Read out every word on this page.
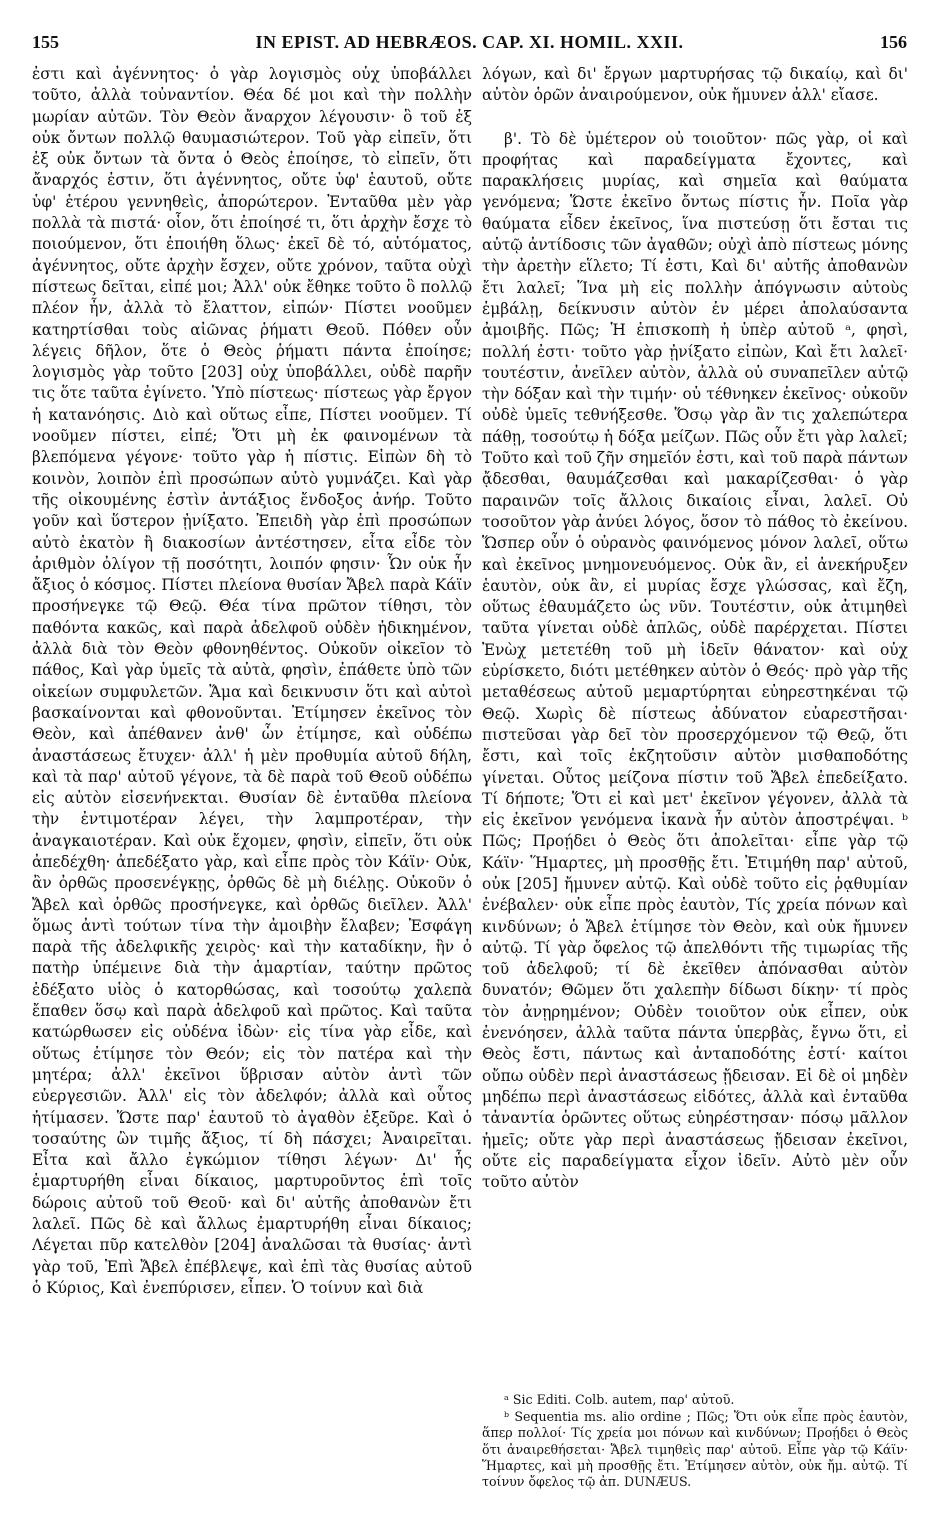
155	IN EPIST. AD HEBRÆOS. CAP. XI. HOMIL. XXII.	156

ἐστι καὶ ἀγέννητος· ὁ γὰρ λογισμὸς οὐχ ὑποβάλλει τοῦτο, ἀλλὰ τοὐναντίον. Θέα δέ μοι καὶ τὴν πολλὴν μωρίαν αὐτῶν. Τὸν Θεὸν ἄναρχον λέγουσιν· ὃ τοῦ ἐξ οὐκ ὄντων πολλῷ θαυμασιώτερον. Τοῦ γὰρ εἰπεῖν, ὅτι ἐξ οὐκ ὄντων τὰ ὄντα ὁ Θεὸς ἐποίησε, τὸ εἰπεῖν, ὅτι ἄναρχός ἐστιν, ὅτι ἀγέννητος, οὔτε ὑφ' ἑαυτοῦ, οὔτε ὑφ' ἑτέρου γεννηθεὶς, ἀπορώτερον. Ἐνταῦθα μὲν γὰρ πολλὰ τὰ πιστά· οἷον, ὅτι ἐποίησέ τι, ὅτι ἀρχὴν ἔσχε τὸ ποιούμενον, ὅτι ἐποιήθη ὅλως· ἐκεῖ δὲ τό, αὐτόματος, ἀγέννητος, οὔτε ἀρχὴν ἔσχεν, οὔτε χρόνον, ταῦτα οὐχὶ πίστεως δεῖται, εἰπέ μοι; Ἀλλ' οὐκ ἔθηκε τοῦτο ὃ πολλῷ πλέον ἦν, ἀλλὰ τὸ ἔλαττον, εἰπών· Πίστει νοοῦμεν κατηρτίσθαι τοὺς αἰῶνας ῥήματι Θεοῦ. Πόθεν οὖν λέγεις δῆλον, ὅτε ὁ Θεὸς ῥήματι πάντα ἐποίησε; λογισμὸς γὰρ τοῦτο [203] οὐχ ὑποβάλλει, οὐδὲ παρῆν τις ὅτε ταῦτα ἐγίνετο. Ὑπὸ πίστεως· πίστεως γὰρ ἔργον ἡ κατανόησις. Διὸ καὶ οὕτως εἶπε, Πίστει νοοῦμεν. Τί νοοῦμεν πίστει, εἰπέ; Ὅτι μὴ ἐκ φαινομένων τὰ βλεπόμενα γέγονε· τοῦτο γὰρ ἡ πίστις. Εἰπὼν δὴ τὸ κοινὸν, λοιπὸν ἐπὶ προσώπων αὐτὸ γυμνάζει. Καὶ γὰρ τῆς οἰκουμένης ἐστὶν ἀντάξιος ἔνδοξος ἀνήρ. Τοῦτο γοῦν καὶ ὕστερον ᾐνίξατο. Ἐπειδὴ γὰρ ἐπὶ προσώπων αὐτὸ ἑκατὸν ἢ διακοσίων ἀντέστησεν, εἶτα εἶδε τὸν ἀριθμὸν ὀλίγον τῇ ποσότητι, λοιπόν φησιν· Ὧν οὐκ ἦν ἄξιος ὁ κόσμος. Πίστει πλείονα θυσίαν Ἄβελ παρὰ Κάϊν προσήνεγκε τῷ Θεῷ. Θέα τίνα πρῶτον τίθησι, τὸν παθόντα κακῶς, καὶ παρὰ ἀδελφοῦ οὐδὲν ἠδικημένον, ἀλλὰ διὰ τὸν Θεὸν φθονηθέντος. Οὐκοῦν οἰκεῖον τὸ πάθος, Καὶ γὰρ ὑμεῖς τὰ αὐτὰ, φησὶν, ἐπάθετε ὑπὸ τῶν οἰκείων συμφυλετῶν. Ἅμα καὶ δεικνυσιν ὅτι καὶ αὐτοὶ βασκαίνονται καὶ φθονοῦνται. Ἐτίμησεν ἐκεῖνος τὸν Θεὸν, καὶ ἀπέθανεν ἀνθ' ὧν ἐτίμησε, καὶ οὐδέπω ἀναστάσεως ἔτυχεν· ἀλλ' ἡ μὲν προθυμία αὐτοῦ δήλη, καὶ τὰ παρ' αὐτοῦ γέγονε, τὰ δὲ παρὰ τοῦ Θεοῦ οὐδέπω εἰς αὐτὸν εἰσενήνεκται. Θυσίαν δὲ ἐνταῦθα πλείονα τὴν ἐντιμοτέραν λέγει, τὴν λαμπροτέραν, τὴν ἀναγκαιοτέραν. Καὶ οὐκ ἔχομεν, φησὶν, εἰπεῖν, ὅτι οὐκ ἀπεδέχθη· ἀπεδέξατο γὰρ, καὶ εἶπε πρὸς τὸν Κάϊν· Οὐκ, ἂν ὀρθῶς προσενέγκῃς, ὀρθῶς δὲ μὴ διέλῃς. Οὐκοῦν ὁ Ἄβελ καὶ ὀρθῶς προσήνεγκε, καὶ ὀρθῶς διεῖλεν. Ἀλλ' ὅμως ἀντὶ τούτων τίνα τὴν ἀμοιβὴν ἔλαβεν; Ἐσφάγη παρὰ τῆς ἀδελφικῆς χειρὸς· καὶ τὴν καταδίκην, ἣν ὁ πατὴρ ὑπέμεινε διὰ τὴν ἁμαρτίαν, ταύτην πρῶτος ἐδέξατο υἱὸς ὁ κατορθώσας, καὶ τοσούτῳ χαλεπὰ ἔπαθεν ὅσῳ καὶ παρὰ ἀδελφοῦ καὶ πρῶτος. Καὶ ταῦτα κατώρθωσεν εἰς οὐδένα ἰδὼν· εἰς τίνα γὰρ εἶδε, καὶ οὕτως ἐτίμησε τὸν Θεόν; εἰς τὸν πατέρα καὶ τὴν μητέρα; ἀλλ' ἐκεῖνοι ὕβρισαν αὐτὸν ἀντὶ τῶν εὐεργεσιῶν. Ἀλλ' εἰς τὸν ἀδελφόν; ἀλλὰ καὶ οὗτος ἠτίμασεν. Ὥστε παρ' ἑαυτοῦ τὸ ἀγαθὸν ἐξεῦρε. Καὶ ὁ τοσαύτης ὢν τιμῆς ἄξιος, τί δὴ πάσχει; Ἀναιρεῖται. Εἶτα καὶ ἄλλο ἐγκώμιον τίθησι λέγων· Δι' ἧς ἐμαρτυρήθη εἶναι δίκαιος, μαρτυροῦντος ἐπὶ τοῖς δώροις αὐτοῦ τοῦ Θεοῦ· καὶ δι' αὐτῆς ἀποθανὼν ἔτι λαλεῖ. Πῶς δὲ καὶ ἄλλως ἐμαρτυρήθη εἶναι δίκαιος; Λέγεται πῦρ κατελθὸν [204] ἀναλῶσαι τὰ θυσίας· ἀντὶ γὰρ τοῦ, Ἐπὶ Ἄβελ ἐπέβλεψε, καὶ ἐπὶ τὰς θυσίας αὐτοῦ ὁ Κύριος, Καὶ ἐνεπύρισεν, εἶπεν. Ὁ τοίνυν καὶ διὰ

λόγων, καὶ δι' ἔργων μαρτυρήσας τῷ δικαίῳ, καὶ δι' αὐτὸν ὁρῶν ἀναιρούμενον, οὐκ ἤμυνεν ἀλλ' εἴασε.

β'. Τὸ δὲ ὑμέτερον οὐ τοιοῦτον· πῶς γὰρ, οἱ καὶ προφήτας καὶ παραδείγματα ἔχοντες, καὶ παρακλήσεις μυρίας, καὶ σημεῖα καὶ θαύματα γενόμενα; Ὥστε ἐκεῖνο ὄντως πίστις ἦν. Ποῖα γὰρ θαύματα εἶδεν ἐκεῖνος, ἵνα πιστεύσῃ ὅτι ἔσται τις αὐτῷ ἀντίδοσις τῶν ἀγαθῶν; οὐχὶ ἀπὸ πίστεως μόνης τὴν ἀρετὴν εἵλετο; Τί ἐστι, Καὶ δι' αὐτῆς ἀποθανὼν ἔτι λαλεῖ; Ἵνα μὴ εἰς πολλὴν ἀπόγνωσιν αὐτοὺς ἐμβάλῃ, δείκνυσιν αὐτὸν ἐν μέρει ἀπολαύσαντα ἀμοιβῆς. Πῶς; Ἡ ἐπισκοπὴ ἡ ὑπὲρ αὐτοῦ ᵃ, φησὶ, πολλή ἐστι· τοῦτο γὰρ ᾐνίξατο εἰπὼν, Καὶ ἔτι λαλεῖ· τουτέστιν, ἀνεῖλεν αὐτὸν, ἀλλὰ οὐ συναπεῖλεν αὐτῷ τὴν δόξαν καὶ τὴν τιμήν· οὐ τέθνηκεν ἐκεῖνος· οὐκοῦν οὐδὲ ὑμεῖς τεθνήξεσθε. Ὅσῳ γὰρ ἂν τις χαλεπώτερα πάθῃ, τοσούτῳ ἡ δόξα μείζων. Πῶς οὖν ἔτι γὰρ λαλεῖ; Τοῦτο καὶ τοῦ ζῆν σημεῖόν ἐστι, καὶ τοῦ παρὰ πάντων ᾄδεσθαι, θαυμάζεσθαι καὶ μακαρίζεσθαι· ὁ γὰρ παραινῶν τοῖς ἄλλοις δικαίοις εἶναι, λαλεῖ. Οὐ τοσοῦτον γὰρ ἀνύει λόγος, ὅσον τὸ πάθος τὸ ἐκείνου. Ὥσπερ οὖν ὁ οὐρανὸς φαινόμενος μόνον λαλεῖ, οὕτω καὶ ἐκεῖνος μνημονευόμενος. Οὐκ ἂν, εἰ ἀνεκήρυξεν ἑαυτὸν, οὐκ ἂν, εἰ μυρίας ἔσχε γλώσσας, καὶ ἔζη, οὕτως ἐθαυμάζετο ὡς νῦν. Τουτέστιν, οὐκ ἀτιμηθεὶ ταῦτα γίνεται οὐδὲ ἁπλῶς, οὐδὲ παρέρχεται. Πίστει Ἐνὼχ μετετέθη τοῦ μὴ ἰδεῖν θάνατον· καὶ οὐχ εὑρίσκετο, διότι μετέθηκεν αὐτὸν ὁ Θεός· πρὸ γὰρ τῆς μεταθέσεως αὐτοῦ μεμαρτύρηται εὐηρεστηκέναι τῷ Θεῷ. Χωρὶς δὲ πίστεως ἀδύνατον εὐαρεστῆσαι· πιστεῦσαι γὰρ δεῖ τὸν προσερχόμενον τῷ Θεῷ, ὅτι ἔστι, καὶ τοῖς ἐκζητοῦσιν αὐτὸν μισθαποδότης γίνεται. Οὗτος μείζονα πίστιν τοῦ Ἄβελ ἐπεδείξατο. Τί δήποτε; Ὅτι εἰ καὶ μετ' ἐκεῖνον γέγονεν, ἀλλὰ τὰ εἰς ἐκεῖνον γενόμενα ἱκανὰ ἦν αὐτὸν ἀποστρέψαι. ᵇ Πῶς; Προῄδει ὁ Θεὸς ὅτι ἀπολεῖται· εἶπε γὰρ τῷ Κάϊν· Ἥμαρτες, μὴ προσθῇς ἔτι. Ἐτιμήθη παρ' αὐτοῦ, οὐκ [205] ἤμυνεν αὐτῷ. Καὶ οὐδὲ τοῦτο εἰς ῥᾳθυμίαν ἐνέβαλεν· οὐκ εἶπε πρὸς ἑαυτὸν, Τίς χρεία πόνων καὶ κινδύνων; ὁ Ἄβελ ἐτίμησε τὸν Θεὸν, καὶ οὐκ ἤμυνεν αὐτῷ. Τί γὰρ ὄφελος τῷ ἀπελθόντι τῆς τιμωρίας τῆς τοῦ ἀδελφοῦ; τί δὲ ἐκεῖθεν ἀπόνασθαι αὐτὸν δυνατόν; Θῶμεν ὅτι χαλεπὴν δίδωσι δίκην· τί πρὸς τὸν ἀνῃρημένον; Οὐδὲν τοιοῦτον οὐκ εἶπεν, οὐκ ἐνενόησεν, ἀλλὰ ταῦτα πάντα ὑπερβὰς, ἔγνω ὅτι, εἰ Θεὸς ἔστι, πάντως καὶ ἀνταποδότης ἐστί· καίτοι οὔπω οὐδὲν περὶ ἀναστάσεως ᾔδεισαν. Εἰ δὲ οἱ μηδὲν μηδέπω περὶ ἀναστάσεως εἰδότες, ἀλλὰ καὶ ἐνταῦθα τἀναντία ὁρῶντες οὕτως εὐηρέστησαν· πόσῳ μᾶλλον ἡμεῖς; οὔτε γὰρ περὶ ἀναστάσεως ᾔδεισαν ἐκεῖνοι, οὔτε εἰς παραδείγματα εἶχον ἰδεῖν. Αὐτὸ μὲν οὖν τοῦτο αὐτὸν

ᵃ Sic Editi. Colb. autem, παρ' αὐτοῦ.

ᵇ Sequentia ms. alio ordine ; Πῶς; Ὅτι οὐκ εἶπε πρὸς ἑαυτὸν, ἅπερ πολλοί· Τίς χρεία μοι πόνων καὶ κινδύνων; Προῄδει ὁ Θεὸς ὅτι ἀναιρεθήσεται· Ἄβελ τιμηθεὶς παρ' αὐτοῦ. Εἶπε γὰρ τῷ Κάϊν· Ἥμαρτες, καὶ μὴ προσθῇς ἔτι. Ἐτίμησεν αὐτὸν, οὐκ ἤμ. αὐτῷ. Τί τοίνυν ὄφελος τῷ ἀπ. DUNÆUS.
